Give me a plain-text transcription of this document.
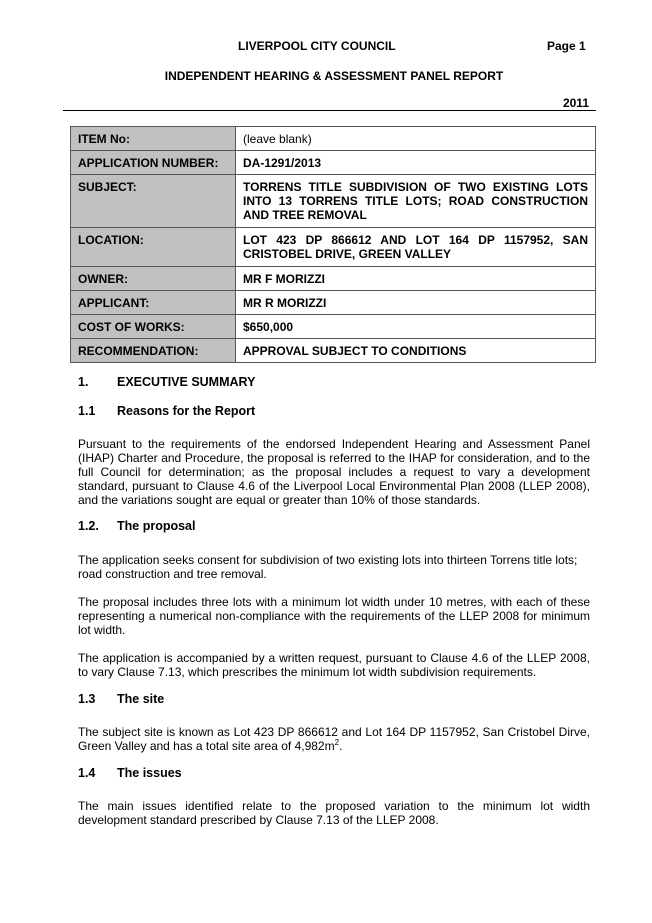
LIVERPOOL CITY COUNCIL	Page 1
INDEPENDENT HEARING & ASSESSMENT PANEL REPORT
2011
ITEM No:	(leave blank)
APPLICATION NUMBER:	DA-1291/2013
SUBJECT:	TORRENS TITLE SUBDIVISION OF TWO EXISTING LOTS INTO 13 TORRENS TITLE LOTS; ROAD CONSTRUCTION AND TREE REMOVAL
LOCATION:	LOT 423 DP 866612 AND LOT 164 DP 1157952, SAN CRISTOBEL DRIVE, GREEN VALLEY
OWNER:	MR F MORIZZI
APPLICANT:	MR R MORIZZI
COST OF WORKS:	$650,000
RECOMMENDATION:	APPROVAL SUBJECT TO CONDITIONS
1. EXECUTIVE SUMMARY
1.1 Reasons for the Report
Pursuant to the requirements of the endorsed Independent Hearing and Assessment Panel (IHAP) Charter and Procedure, the proposal is referred to the IHAP for consideration, and to the full Council for determination; as the proposal includes a request to vary a development standard, pursuant to Clause 4.6 of the Liverpool Local Environmental Plan 2008 (LLEP 2008), and the variations sought are equal or greater than 10% of those standards.
1.2. The proposal
The application seeks consent for subdivision of two existing lots into thirteen Torrens title lots; road construction and tree removal.
The proposal includes three lots with a minimum lot width under 10 metres, with each of these representing a numerical non-compliance with the requirements of the LLEP 2008 for minimum lot width.
The application is accompanied by a written request, pursuant to Clause 4.6 of the LLEP 2008, to vary Clause 7.13, which prescribes the minimum lot width subdivision requirements.
1.3 The site
The subject site is known as Lot 423 DP 866612 and Lot 164 DP 1157952, San Cristobel Dirve, Green Valley and has a total site area of $4,982m^2$.
1.4 The issues
The main issues identified relate to the proposed variation to the minimum lot width development standard prescribed by Clause 7.13 of the LLEP 2008.
